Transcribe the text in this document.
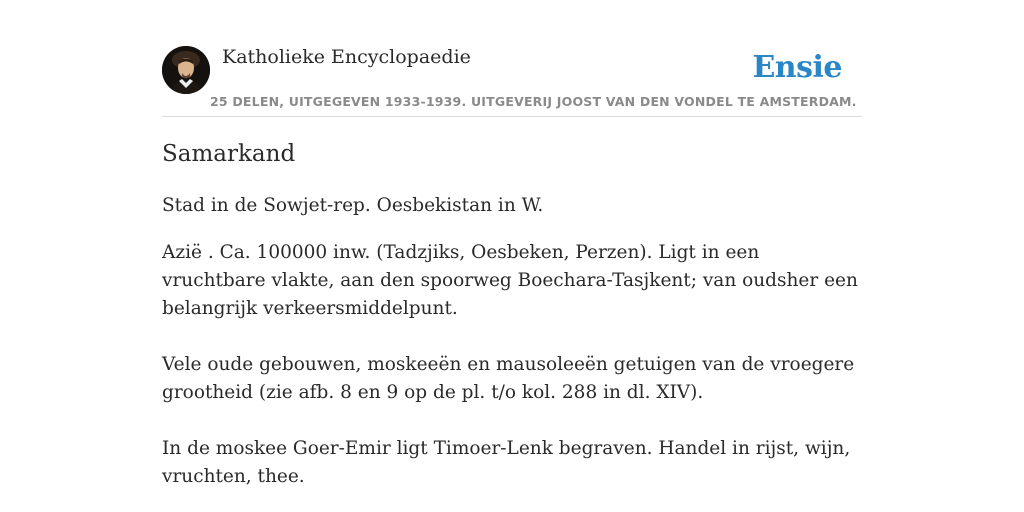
Katholieke Encyclopaedie
25 DELEN, UITGEGEVEN 1933-1939. UITGEVERIJ JOOST VAN DEN VONDEL TE AMSTERDAM.
Ensie
Samarkand

Stad in de Sowjet-rep. Oesbekistan in W.

Azië . Ca. 100000 inw. (Tadzjiks, Oesbeken, Perzen). Ligt in een vruchtbare vlakte, aan den spoorweg Boechara-Tasjkent; van oudsher een belangrijk verkeersmiddelpunt.

Vele oude gebouwen, moskeeën en mausoleeën getuigen van de vroegere grootheid (zie afb. 8 en 9 op de pl. t/o kol. 288 in dl. XIV).

In de moskee Goer-Emir ligt Timoer-Lenk begraven. Handel in rijst, wijn, vruchten, thee.
